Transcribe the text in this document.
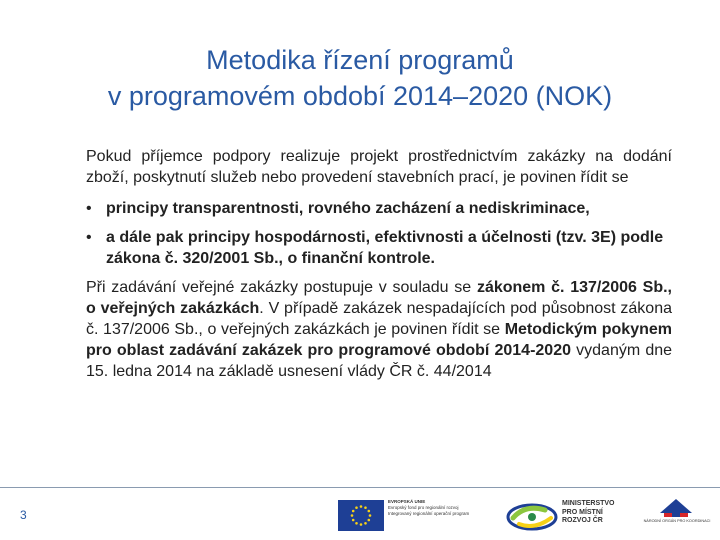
Metodika řízení programů
v programovém období 2014–2020 (NOK)

Pokud příjemce podpory realizuje projekt prostřednictvím zakázky na dodání zboží, poskytnutí služeb nebo provedení stavebních prací, je povinen řídit se

• principy transparentnosti, rovného zacházení a nediskriminace,
• a dále pak principy hospodárnosti, efektivnosti a účelnosti (tzv. 3E) podle zákona č. 320/2001 Sb., o finanční kontrole.

Při zadávání veřejné zakázky postupuje v souladu se zákonem č. 137/2006 Sb., o veřejných zakázkách. V případě zakázek nespadajících pod působnost zákona č. 137/2006 Sb., o veřejných zakázkách je povinen řídit se Metodickým pokynem pro oblast zadávání zakázek pro programové období 2014-2020 vydaným dne 15. ledna 2014 na základě usnesení vlády ČR č. 44/2014

3
EVROPSKÁ UNIE
Evropský fond pro regionální rozvoj
Integrovaný regionální operační program
MINISTERSTVO
PRO MÍSTNÍ
ROZVOJ ČR	NÁRODNÍ ORGÁN PRO KOORDINACI
